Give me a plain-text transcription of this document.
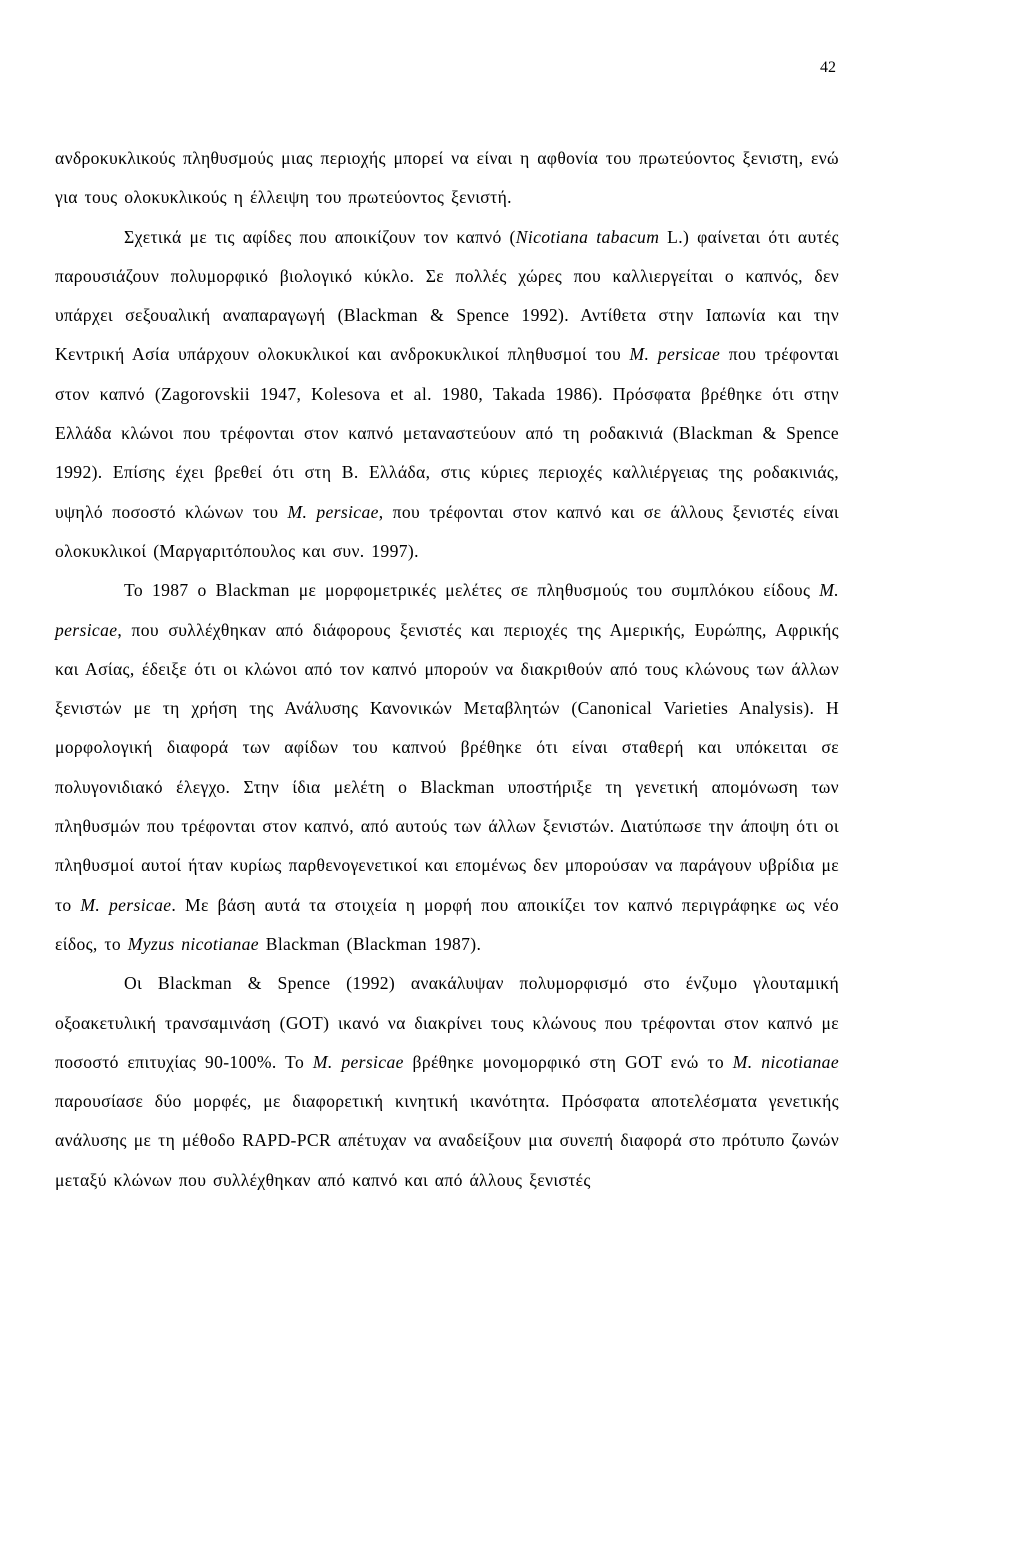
42

ανδροκυκλικούς πληθυσμούς μιας περιοχής μπορεί να είναι η αφθονία του πρωτεύοντος ξενιστη, ενώ για τους ολοκυκλικούς η έλλειψη του πρωτεύοντος ξενιστή.

Σχετικά με τις αφίδες που αποικίζουν τον καπνό (Nicotiana tabacum L.) φαίνεται ότι αυτές παρουσιάζουν πολυμορφικό βιολογικό κύκλο. Σε πολλές χώρες που καλλιεργείται ο καπνός, δεν υπάρχει σεξουαλική αναπαραγωγή (Blackman & Spence 1992). Αντίθετα στην Ιαπωνία και την Κεντρική Ασία υπάρχουν ολοκυκλικοί και ανδροκυκλικοί πληθυσμοί του M. persicae που τρέφονται στον καπνό (Zagorovskii 1947, Kolesova et al. 1980, Takada 1986). Πρόσφατα βρέθηκε ότι στην Ελλάδα κλώνοι που τρέφονται στον καπνό μεταναστεύουν από τη ροδακινιά (Blackman & Spence 1992). Επίσης έχει βρεθεί ότι στη Β. Ελλάδα, στις κύριες περιοχές καλλιέργειας της ροδακινιάς, υψηλό ποσοστό κλώνων του M. persicae, που τρέφονται στον καπνό και σε άλλους ξενιστές είναι ολοκυκλικοί (Μαργαριτόπουλος και συν. 1997).

Το 1987 ο Blackman με μορφομετρικές μελέτες σε πληθυσμούς του συμπλόκου είδους M. persicae, που συλλέχθηκαν από διάφορους ξενιστές και περιοχές της Αμερικής, Ευρώπης, Αφρικής και Ασίας, έδειξε ότι οι κλώνοι από τον καπνό μπορούν να διακριθούν από τους κλώνους των άλλων ξενιστών με τη χρήση της Ανάλυσης Κανονικών Μεταβλητών (Canonical Varieties Analysis). Η μορφολογική διαφορά των αφίδων του καπνού βρέθηκε ότι είναι σταθερή και υπόκειται σε πολυγονιδιακό έλεγχο. Στην ίδια μελέτη ο Blackman υποστήριξε τη γενετική απομόνωση των πληθυσμών που τρέφονται στον καπνό, από αυτούς των άλλων ξενιστών. Διατύπωσε την άποψη ότι οι πληθυσμοί αυτοί ήταν κυρίως παρθενογενετικοί και επομένως δεν μπορούσαν να παράγουν υβρίδια με το M. persicae. Με βάση αυτά τα στοιχεία η μορφή που αποικίζει τον καπνό περιγράφηκε ως νέο είδος, το Myzus nicotianae Blackman (Blackman 1987).

Οι Blackman & Spence (1992) ανακάλυψαν πολυμορφισμό στο ένζυμο γλουταμική οξοακετυλική τρανσαμινάση (GOT) ικανό να διακρίνει τους κλώνους που τρέφονται στον καπνό με ποσοστό επιτυχίας 90-100%. Το M. persicae βρέθηκε μονομορφικό στη GOT ενώ το M. nicotianae παρουσίασε δύο μορφές, με διαφορετική κινητική ικανότητα. Πρόσφατα αποτελέσματα γενετικής ανάλυσης με τη μέθοδο RAPD-PCR απέτυχαν να αναδείξουν μια συνεπή διαφορά στο πρότυπο ζωνών μεταξύ κλώνων που συλλέχθηκαν από καπνό και από άλλους ξενιστές
